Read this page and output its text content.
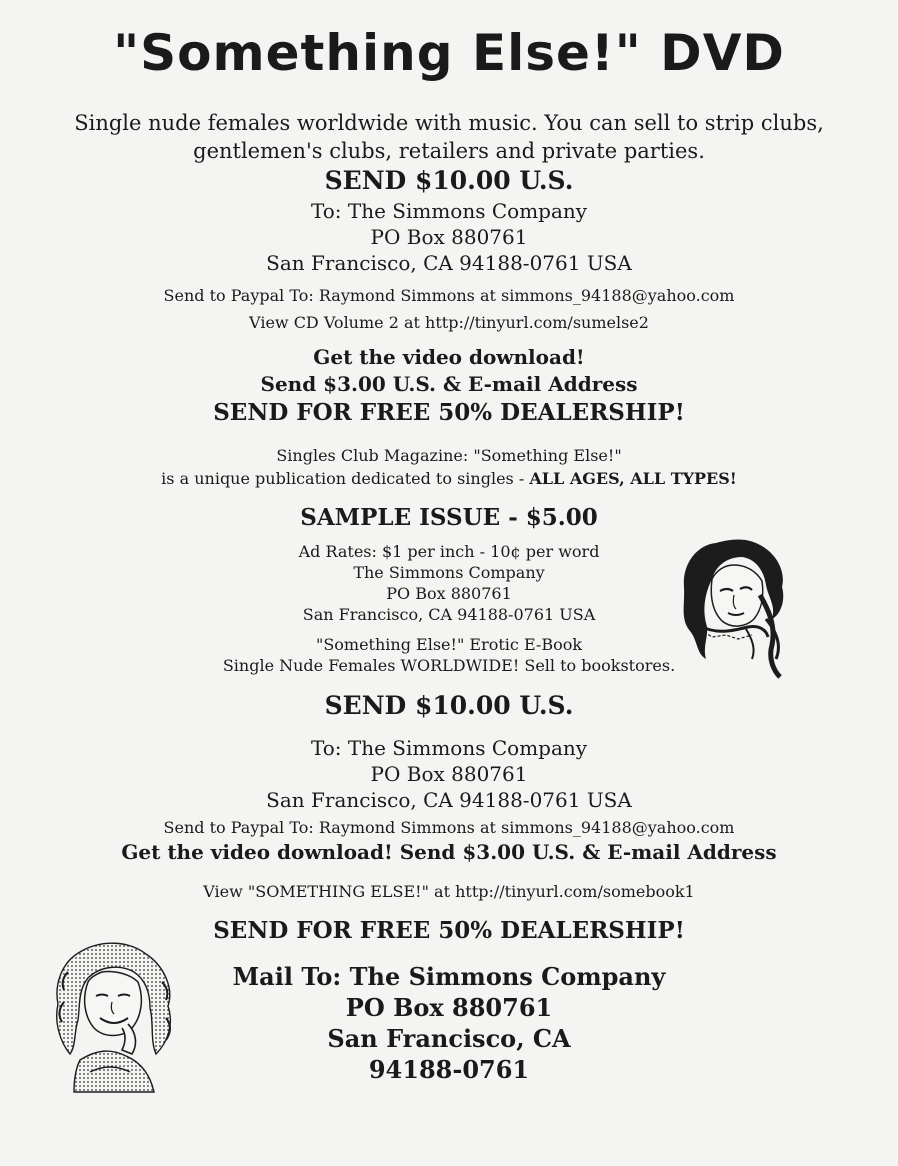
"Something Else!" DVD
Single nude females worldwide with music. You can sell to strip clubs,
gentlemen's clubs, retailers and private parties.
SEND $10.00 U.S.
To: The Simmons Company
PO Box 880761
San Francisco, CA 94188-0761 USA
Send to Paypal To: Raymond Simmons at simmons_94188@yahoo.com
View CD Volume 2 at http://tinyurl.com/sumelse2
Get the video download!
Send $3.00 U.S. & E-mail Address
SEND FOR FREE 50% DEALERSHIP!
Singles Club Magazine: "Something Else!"
is a unique publication dedicated to singles - ALL AGES, ALL TYPES!
SAMPLE ISSUE - $5.00
Ad Rates: $1 per inch - 10¢ per word
The Simmons Company
PO Box 880761
San Francisco, CA 94188-0761 USA
"Something Else!" Erotic E-Book
Single Nude Females WORLDWIDE! Sell to bookstores.
SEND $10.00 U.S.
To: The Simmons Company
PO Box 880761
San Francisco, CA 94188-0761 USA
Send to Paypal To: Raymond Simmons at simmons_94188@yahoo.com
Get the video download! Send $3.00 U.S. & E-mail Address
View "SOMETHING ELSE!" at http://tinyurl.com/somebook1
SEND FOR FREE 50% DEALERSHIP!
Mail To: The Simmons Company
PO Box 880761
San Francisco, CA
94188-0761
